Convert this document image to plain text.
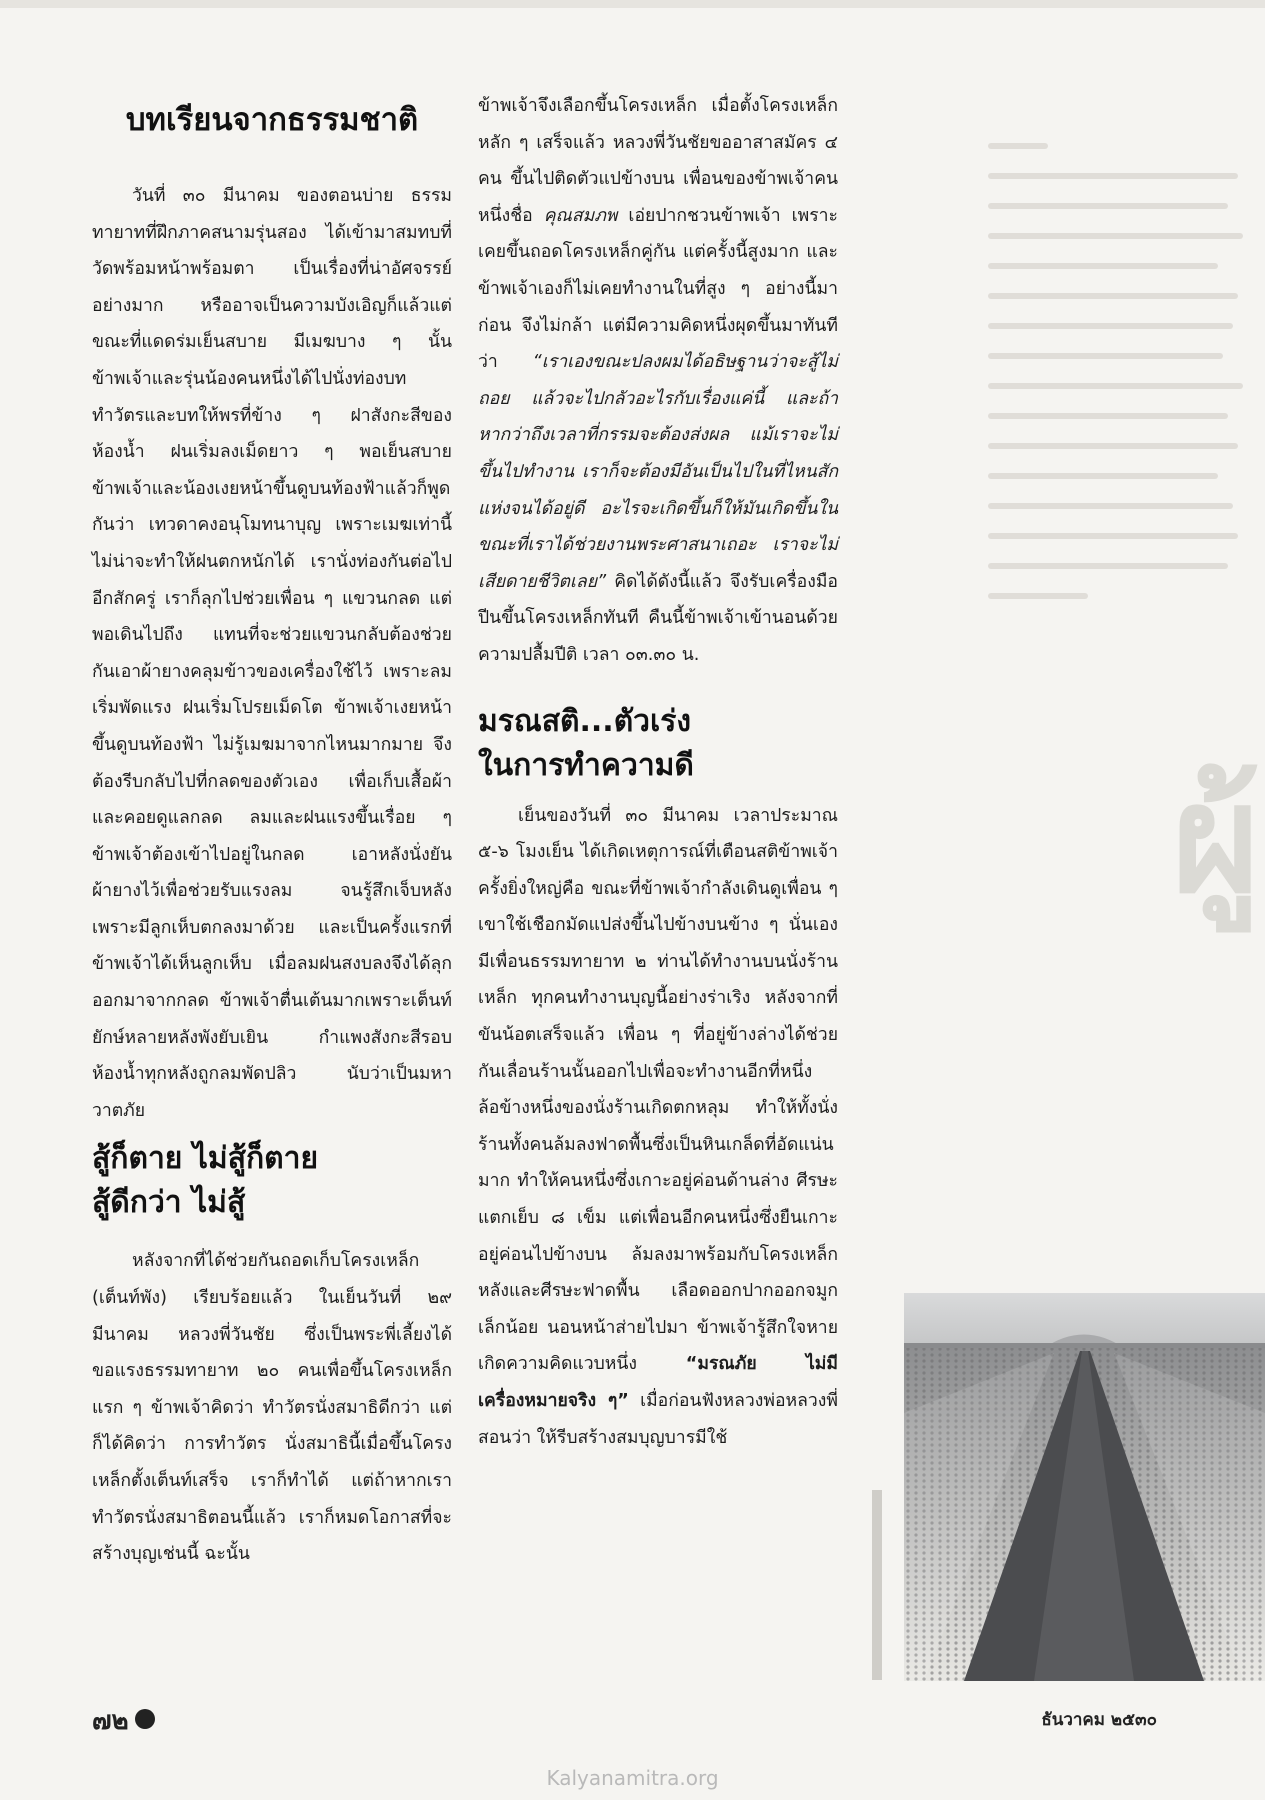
ผู้
บทเรียนจากธรรมชาติ

วันที่ ๓๐ มีนาคม ของตอนบ่าย ธรรมทายาทที่ฝึกภาคสนามรุ่นสอง ได้เข้ามาสมทบที่วัดพร้อมหน้าพร้อมตา เป็นเรื่องที่น่าอัศจรรย์อย่างมาก หรืออาจเป็นความบังเอิญก็แล้วแต่ ขณะที่แดดร่มเย็นสบาย มีเมฆบาง ๆ นั้น ข้าพเจ้าและรุ่นน้องคนหนึ่งได้ไปนั่งท่องบททำวัตรและบทให้พรที่ข้าง ๆ ฝาสังกะสีของห้องน้ำ ฝนเริ่มลงเม็ดยาว ๆ พอเย็นสบาย ข้าพเจ้าและน้องเงยหน้าขึ้นดูบนท้องฟ้าแล้วก็พูดกันว่า เทวดาคงอนุโมทนาบุญ เพราะเมฆเท่านี้ไม่น่าจะทำให้ฝนตกหนักได้ เรานั่งท่องกันต่อไปอีกสักครู่ เราก็ลุกไปช่วยเพื่อน ๆ แขวนกลด แต่พอเดินไปถึง แทนที่จะช่วยแขวนกลับต้องช่วยกันเอาผ้ายางคลุมข้าวของเครื่องใช้ไว้ เพราะลมเริ่มพัดแรง ฝนเริ่มโปรยเม็ดโต ข้าพเจ้าเงยหน้าขึ้นดูบนท้องฟ้า ไม่รู้เมฆมาจากไหนมากมาย จึงต้องรีบกลับไปที่กลดของตัวเอง เพื่อเก็บเสื้อผ้า และคอยดูแลกลด ลมและฝนแรงขึ้นเรื่อย ๆ ข้าพเจ้าต้องเข้าไปอยู่ในกลด เอาหลังนั่งยันผ้ายางไว้เพื่อช่วยรับแรงลม จนรู้สึกเจ็บหลังเพราะมีลูกเห็บตกลงมาด้วย และเป็นครั้งแรกที่ข้าพเจ้าได้เห็นลูกเห็บ เมื่อลมฝนสงบลงจึงได้ลุกออกมาจากกลด ข้าพเจ้าตื่นเต้นมากเพราะเต็นท์ยักษ์หลายหลังพังยับเยิน กำแพงสังกะสีรอบห้องน้ำทุกหลังถูกลมพัดปลิว นับว่าเป็นมหาวาตภัย

สู้ก็ตาย ไม่สู้ก็ตาย
สู้ดีกว่า ไม่สู้

หลังจากที่ได้ช่วยกันถอดเก็บโครงเหล็ก (เต็นท์พัง) เรียบร้อยแล้ว ในเย็นวันที่ ๒๙ มีนาคม หลวงพี่วันชัย ซึ่งเป็นพระพี่เลี้ยงได้ขอแรงธรรมทายาท ๒๐ คนเพื่อขึ้นโครงเหล็ก แรก ๆ ข้าพเจ้าคิดว่า ทำวัตรนั่งสมาธิดีกว่า แต่ก็ได้คิดว่า การทำวัตร นั่งสมาธินี้เมื่อขึ้นโครงเหล็กตั้งเต็นท์เสร็จ เราก็ทำได้ แต่ถ้าหากเราทำวัตรนั่งสมาธิตอนนี้แล้ว เราก็หมดโอกาสที่จะสร้างบุญเช่นนี้ ฉะนั้น

ข้าพเจ้าจึงเลือกขึ้นโครงเหล็ก เมื่อตั้งโครงเหล็กหลัก ๆ เสร็จแล้ว หลวงพี่วันชัยขออาสาสมัคร ๔ คน ขึ้นไปติดตัวแปข้างบน เพื่อนของข้าพเจ้าคนหนึ่งชื่อ คุณสมภพ เอ่ยปากชวนข้าพเจ้า เพราะเคยขึ้นถอดโครงเหล็กคู่กัน แต่ครั้งนี้สูงมาก และข้าพเจ้าเองก็ไม่เคยทำงานในที่สูง ๆ อย่างนี้มาก่อน จึงไม่กล้า แต่มีความคิดหนึ่งผุดขึ้นมาทันทีว่า “เราเองขณะปลงผมได้อธิษฐานว่าจะสู้ไม่ถอย แล้วจะไปกลัวอะไรกับเรื่องแค่นี้ และถ้าหากว่าถึงเวลาที่กรรมจะต้องส่งผล แม้เราจะไม่ขึ้นไปทำงาน เราก็จะต้องมีอันเป็นไปในที่ไหนสักแห่งจนได้อยู่ดี อะไรจะเกิดขึ้นก็ให้มันเกิดขึ้นในขณะที่เราได้ช่วยงานพระศาสนาเถอะ เราจะไม่เสียดายชีวิตเลย” คิดได้ดังนี้แล้ว จึงรับเครื่องมือปีนขึ้นโครงเหล็กทันที คืนนี้ข้าพเจ้าเข้านอนด้วยความปลื้มปีติ เวลา ๐๓.๓๐ น.

มรณสติ...ตัวเร่ง
ในการทำความดี

เย็นของวันที่ ๓๐ มีนาคม เวลาประมาณ ๕-๖ โมงเย็น ได้เกิดเหตุการณ์ที่เตือนสติข้าพเจ้าครั้งยิ่งใหญ่คือ ขณะที่ข้าพเจ้ากำลังเดินดูเพื่อน ๆ เขาใช้เชือกมัดแปส่งขึ้นไปข้างบนข้าง ๆ นั่นเอง มีเพื่อนธรรมทายาท ๒ ท่านได้ทำงานบนนั่งร้านเหล็ก ทุกคนทำงานบุญนี้อย่างร่าเริง หลังจากที่ขันน้อตเสร็จแล้ว เพื่อน ๆ ที่อยู่ข้างล่างได้ช่วยกันเลื่อนร้านนั้นออกไปเพื่อจะทำงานอีกที่หนึ่ง ล้อข้างหนึ่งของนั่งร้านเกิดตกหลุม ทำให้ทั้งนั่งร้านทั้งคนล้มลงฟาดพื้นซึ่งเป็นหินเกล็ดที่อัดแน่นมาก ทำให้คนหนึ่งซึ่งเกาะอยู่ค่อนด้านล่าง ศีรษะแตกเย็บ ๘ เข็ม แต่เพื่อนอีกคนหนึ่งซึ่งยืนเกาะอยู่ค่อนไปข้างบน ล้มลงมาพร้อมกับโครงเหล็กหลังและศีรษะฟาดพื้น เลือดออกปากออกจมูกเล็กน้อย นอนหน้าส่ายไปมา ข้าพเจ้ารู้สึกใจหาย เกิดความคิดแวบหนึ่ง “มรณภัย ไม่มีเครื่องหมายจริง ๆ” เมื่อก่อนฟังหลวงพ่อหลวงพี่สอนว่า ให้รีบสร้างสมบุญบารมีใช้

๗๒	ธันวาคม ๒๕๓๐
Kalyanamitra.org
